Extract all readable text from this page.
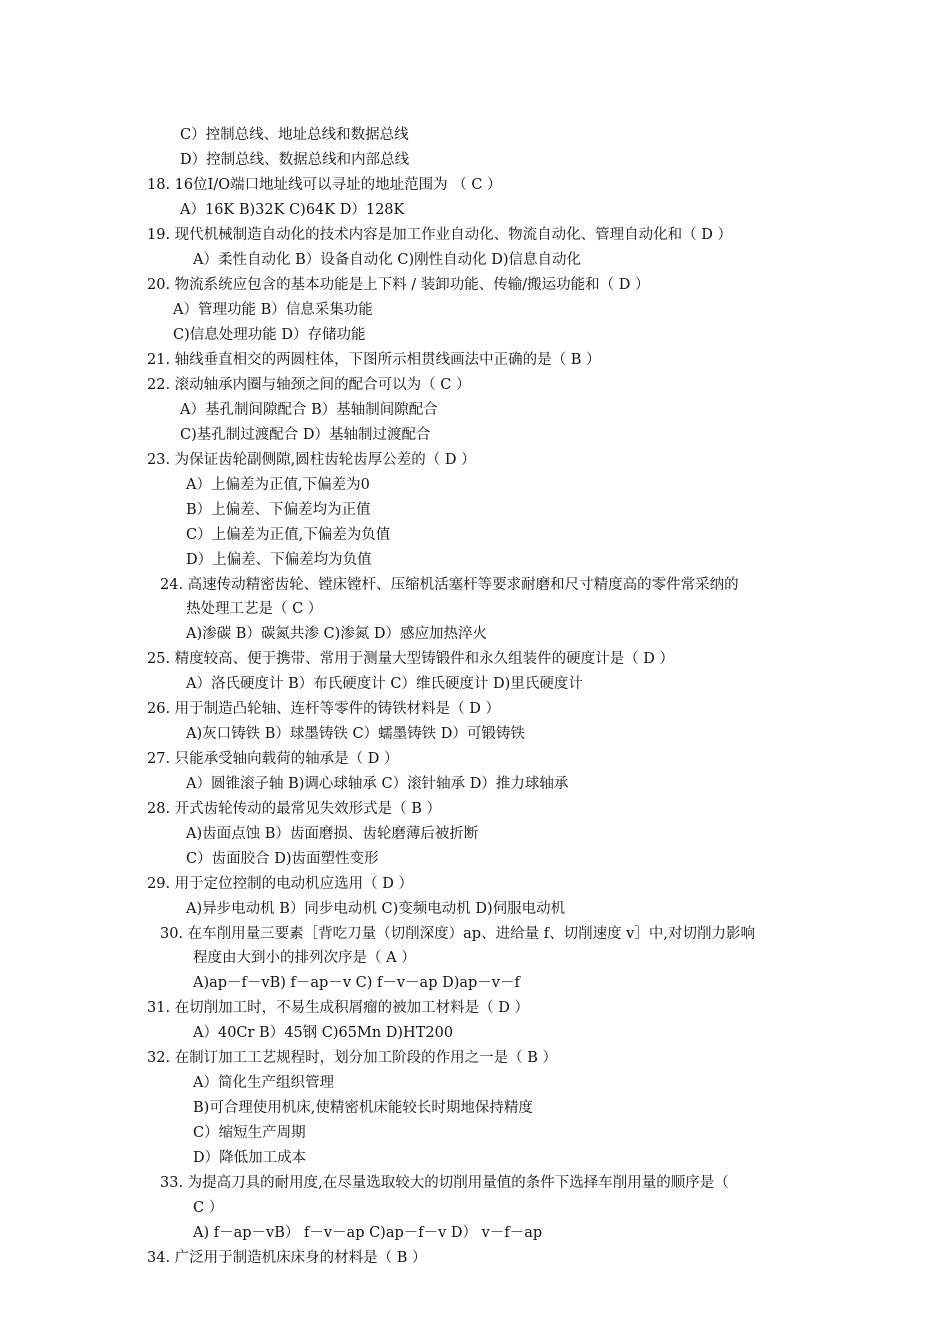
C）控制总线、地址总线和数据总线
D）控制总线、数据总线和内部总线
18. 16位I/O端口地址线可以寻址的地址范围为 （ C ）
A）16K B)32K C)64K D）128K
19. 现代机械制造自动化的技术内容是加工作业自动化、物流自动化、管理自动化和（ D ）
A）柔性自动化 B）设备自动化 C)刚性自动化 D)信息自动化
20. 物流系统应包含的基本功能是上下料 / 装卸功能、传输/搬运功能和（ D ）
A）管理功能 B）信息采集功能
C)信息处理功能 D）存储功能
21. 轴线垂直相交的两圆柱体，下图所示相贯线画法中正确的是（ B ）
22. 滚动轴承内圈与轴颈之间的配合可以为（ C ）
A）基孔制间隙配合 B）基轴制间隙配合
C)基孔制过渡配合 D）基轴制过渡配合
23. 为保证齿轮副侧隙,圆柱齿轮齿厚公差的（ D ）
A）上偏差为正值,下偏差为0
B）上偏差、下偏差均为正值
C）上偏差为正值,下偏差为负值
D）上偏差、下偏差均为负值
24. 高速传动精密齿轮、镗床镗杆、压缩机活塞杆等要求耐磨和尺寸精度高的零件常采纳的
热处理工艺是（ C ）
A)渗碳 B）碳氮共渗 C)渗氮 D）感应加热淬火
25. 精度较高、便于携带、常用于测量大型铸锻件和永久组装件的硬度计是（ D ）
A）洛氏硬度计 B）布氏硬度计 C）维氏硬度计 D)里氏硬度计
26. 用于制造凸轮轴、连杆等零件的铸铁材料是（ D ）
A)灰口铸铁 B）球墨铸铁 C）蠕墨铸铁 D）可锻铸铁
27. 只能承受轴向载荷的轴承是（ D ）
A）圆锥滚子轴 B)调心球轴承 C）滚针轴承 D）推力球轴承
28. 开式齿轮传动的最常见失效形式是（ B ）
A)齿面点蚀 B）齿面磨损、齿轮磨薄后被折断
C）齿面胶合 D)齿面塑性变形
29. 用于定位控制的电动机应选用（ D ）
A)异步电动机 B）同步电动机 C)变频电动机 D)伺服电动机
30. 在车削用量三要素［背吃刀量（切削深度）ap、进给量 f、切削速度 v］中,对切削力影响
程度由大到小的排列次序是（ A ）
A)ap－f－vB) f－ap－v C) f－v－ap D)ap－v－f
31. 在切削加工时，不易生成积屑瘤的被加工材料是（ D ）
A）40Cr B）45钢 C)65Mn D)HT200
32. 在制订加工工艺规程时，划分加工阶段的作用之一是（ B ）
A）简化生产组织管理
B)可合理使用机床,使精密机床能较长时期地保持精度
C）缩短生产周期
D）降低加工成本
33. 为提高刀具的耐用度,在尽量选取较大的切削用量值的条件下选择车削用量的顺序是（
C ）
A) f－ap－vB） f－v－ap C)ap－f－v D） v－f－ap
34. 广泛用于制造机床床身的材料是（ B ）
